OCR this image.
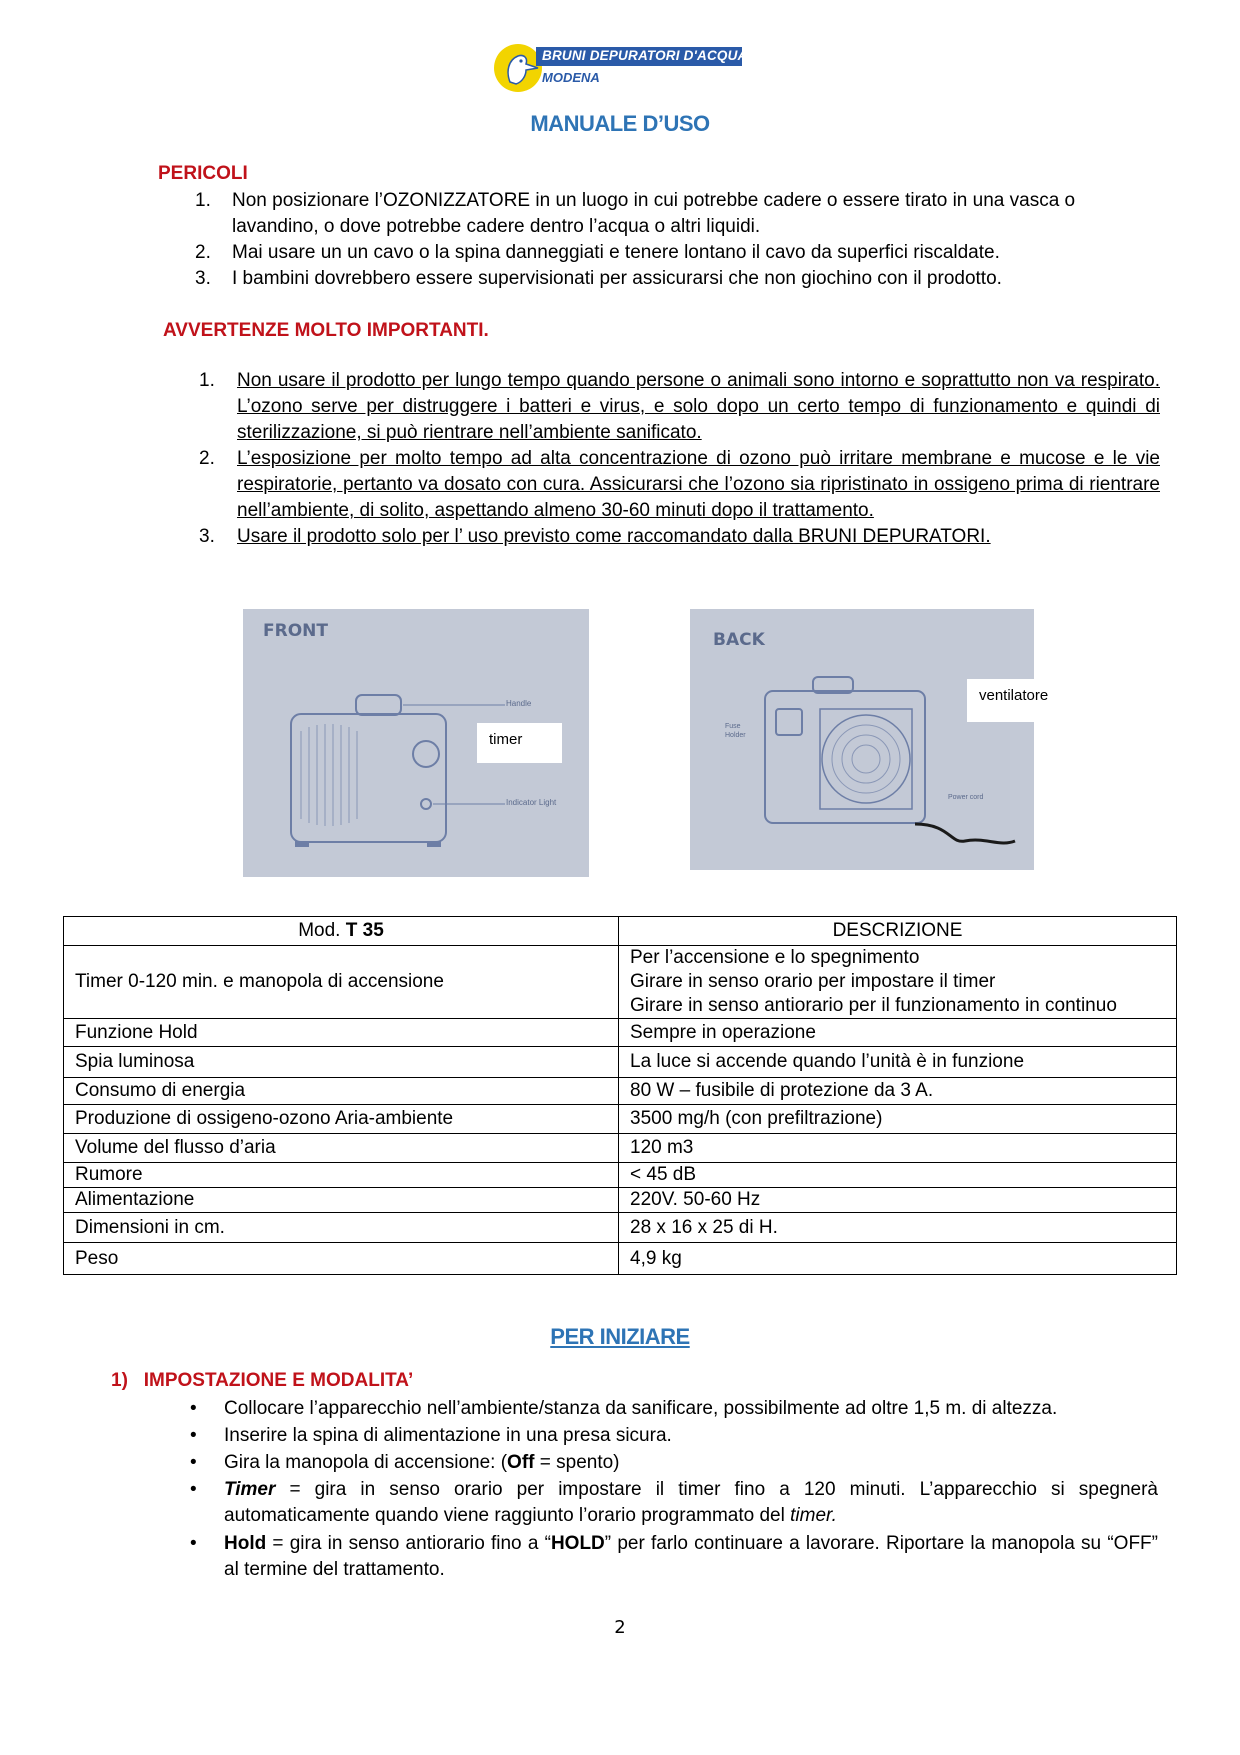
BRUNI DEPURATORI D'ACQUA s.r.l.
MODENA
MANUALE D’USO
PERICOLI
1. Non posizionare l’OZONIZZATORE in un luogo in cui potrebbe cadere o essere tirato in una vasca o lavandino, o dove potrebbe cadere dentro l’acqua o altri liquidi.
2. Mai usare un un cavo o la spina danneggiati e tenere lontano il cavo da superfici riscaldate.
3. I bambini dovrebbero essere supervisionati per assicurarsi che non giochino con il prodotto.
AVVERTENZE MOLTO IMPORTANTI.
1. Non usare il prodotto per lungo tempo quando persone o animali sono intorno e soprattutto non va respirato. L’ozono serve per distruggere i batteri e virus, e solo dopo un certo tempo di funzionamento e quindi di sterilizzazione, si può rientrare nell’ambiente sanificato.
2. L’esposizione per molto tempo ad alta concentrazione di ozono può irritare membrane e mucose e le vie respiratorie, pertanto va dosato con cura. Assicurarsi che l’ozono sia ripristinato in ossigeno prima di rientrare nell’ambiente, di solito, aspettando almeno 30-60 minuti dopo il trattamento.
3. Usare il prodotto solo per l’ uso previsto come raccomandato dalla BRUNI DEPURATORI.
FRONT
Handle
Indicator Light
timer
BACK
Fuse Holder
Power cord
ventilatore
Mod. T 35	DESCRIZIONE
Timer 0-120 min. e manopola di accensione	Per l’accensione e lo spegnimento
Girare in senso orario per impostare il timer
Girare in senso antiorario per il funzionamento in continuo

Funzione Hold	Sempre in operazione
Spia luminosa	La luce si accende quando l’unità è in funzione
Consumo di energia	80 W – fusibile di protezione da 3 A.
Produzione di ossigeno-ozono Aria-ambiente	3500 mg/h (con prefiltrazione)
Volume del flusso d’aria	120 m3
Rumore	< 45 dB
Alimentazione	220V. 50-60 Hz
Dimensioni in cm.	28 x 16 x 25 di H.
Peso	4,9 kg
PER INIZIARE
1)   IMPOSTAZIONE E MODALITA’
• Collocare l’apparecchio nell’ambiente/stanza da sanificare, possibilmente ad oltre 1,5 m. di altezza.
• Inserire la spina di alimentazione in una presa sicura.
• Gira la manopola di accensione: (Off = spento)
• Timer = gira in senso orario per impostare il timer fino a 120 minuti. L’apparecchio si spegnerà automaticamente quando viene raggiunto l’orario programmato del timer.
• Hold = gira in senso antiorario fino a “HOLD” per farlo continuare a lavorare. Riportare la manopola su “OFF” al termine del trattamento.
2
